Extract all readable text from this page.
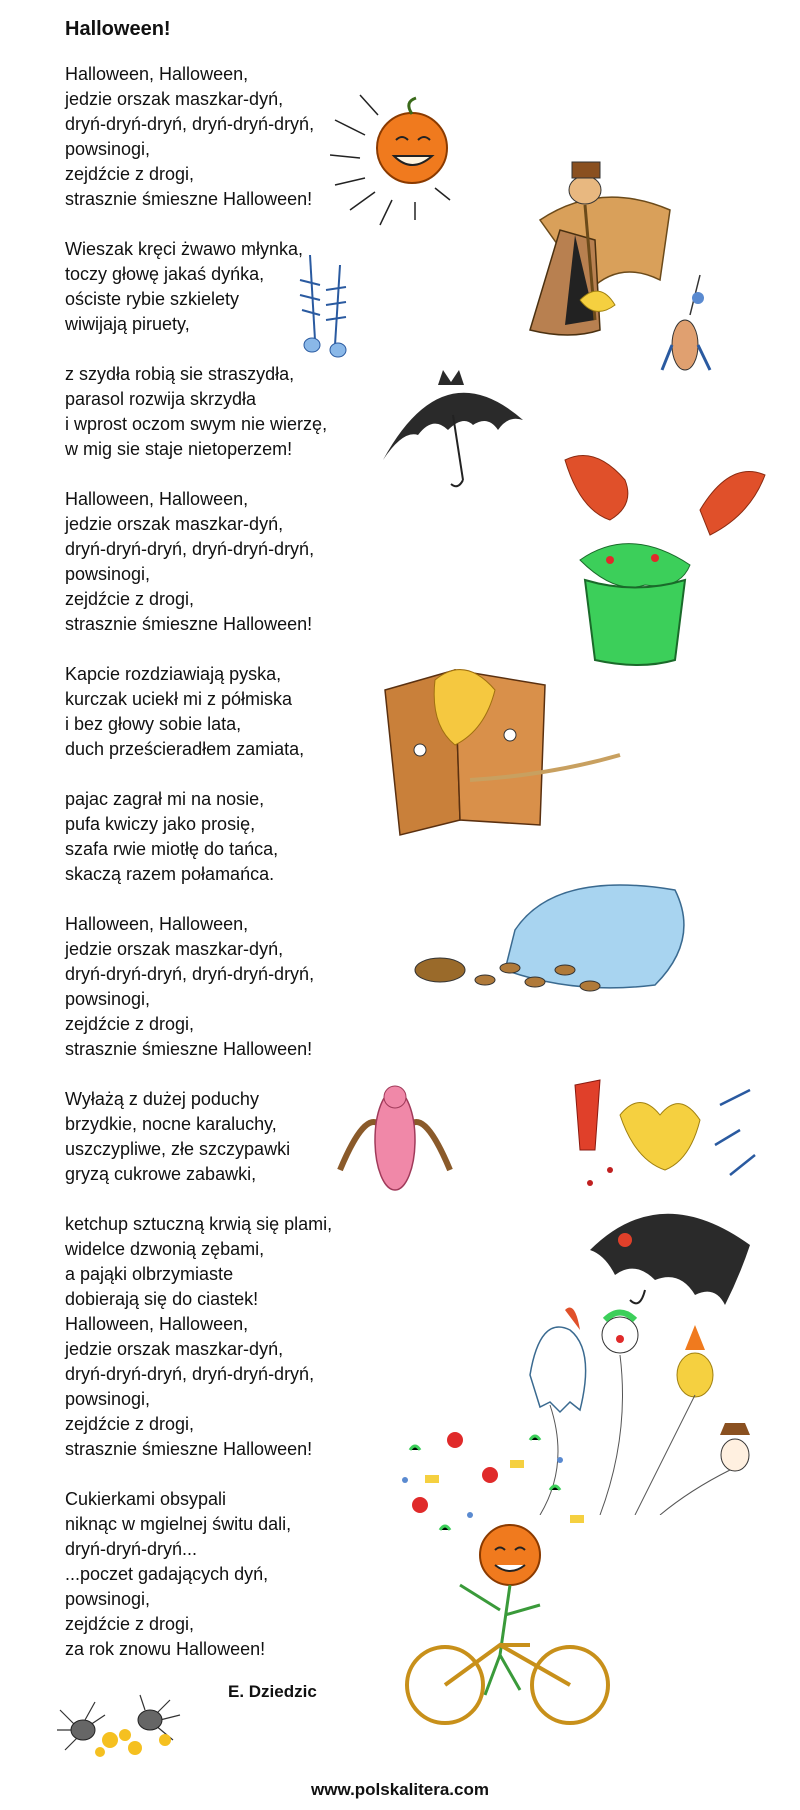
Halloween!
Halloween, Halloween,
jedzie orszak maszkar-dyń,
dryń-dryń-dryń, dryń-dryń-dryń,
powsinogi,
zejdźcie z drogi,
strasznie śmieszne Halloween!
Wieszak kręci żwawo młynka,
toczy głowę jakaś dyńka,
ościste rybie szkielety
wiwijają piruety,
z szydła robią sie straszydła,
parasol rozwija skrzydła
i wprost oczom swym nie wierzę,
w mig sie staje nietoperzem!
Halloween, Halloween,
jedzie orszak maszkar-dyń,
dryń-dryń-dryń, dryń-dryń-dryń,
powsinogi,
zejdźcie z drogi,
strasznie śmieszne Halloween!
Kapcie rozdziawiają pyska,
kurczak uciekł mi z półmiska
i bez głowy sobie lata,
duch prześcieradłem zamiata,
pajac zagrał mi na nosie,
pufa kwiczy jako prosię,
szafa rwie miotłę do tańca,
skaczą razem połamańca.
Halloween, Halloween,
jedzie orszak maszkar-dyń,
dryń-dryń-dryń, dryń-dryń-dryń,
powsinogi,
zejdźcie z drogi,
strasznie śmieszne Halloween!
Wyłażą z dużej poduchy
brzydkie, nocne karaluchy,
uszczypliwe, złe szczypawki
gryzą cukrowe zabawki,
ketchup sztuczną krwią się plami,
widelce dzwonią zębami,
a pająki olbrzymiaste
dobierają się do ciastek!
Halloween, Halloween,
jedzie orszak maszkar-dyń,
dryń-dryń-dryń, dryń-dryń-dryń,
powsinogi,
zejdźcie z drogi,
strasznie śmieszne Halloween!
Cukierkami obsypali
niknąc w mgielnej świtu dali,
dryń-dryń-dryń...
...poczet gadających dyń,
powsinogi,
zejdźcie z drogi,
za rok znowu Halloween!
E. Dziedzic
www.polskalitera.com
